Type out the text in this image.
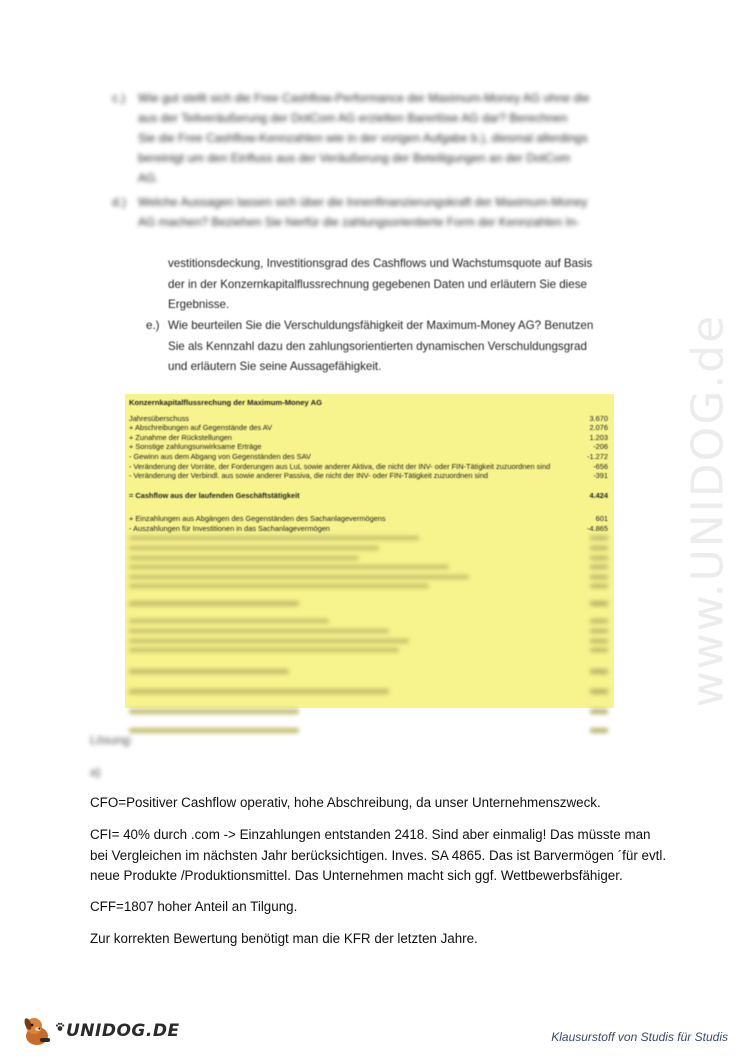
c.) Wie gut stellt sich die Free Cashflow-Performance der Maximum-Money AG ohne die
aus der Teilveräußerung der DotCom AG erzielten Barerlöse AG dar? Berechnen
Sie die Free Cashflow-Kennzahlen wie in der vorigen Aufgabe b.), diesmal allerdings
bereinigt um den Einfluss aus der Veräußerung der Beteiligungen an der DotCom
AG.
d.) Welche Aussagen lassen sich über die Innenfinanzierungskraft der Maximum-Money
AG machen? Beziehen Sie hierfür die zahlungsorientierte Form der Kennzahlen In-
vestitionsdeckung, Investitionsgrad des Cashflows und Wachstumsquote auf Basis
der in der Konzernkapitalflussrechnung gegebenen Daten und erläutern Sie diese
Ergebnisse.
e.) Wie beurteilen Sie die Verschuldungsfähigkeit der Maximum-Money AG? Benutzen
Sie als Kennzahl dazu den zahlungsorientierten dynamischen Verschuldungsgrad
und erläutern Sie seine Aussagefähigkeit.
Konzernkapitalflussrechung der Maximum-Money AG
Jahresüberschuss	3.670
+ Abschreibungen auf Gegenstände des AV	2.076
+ Zunahme der Rückstellungen	1.203
+ Sonstige zahlungsunwirksame Erträge	-206
- Gewinn aus dem Abgang von Gegenständen des SAV	-1.272
- Veränderung der Vorräte, der Forderungen aus LuL sowie anderer Aktiva, die nicht der INV- oder FIN-Tätigkeit zuzuordnen sind	-656
- Veränderung der Verbindl. aus sowie anderer Passiva, die nicht der INV- oder FIN-Tätigkeit zuzuordnen sind	-391
= Cashflow aus der laufenden Geschäftstätigkeit	4.424
+ Einzahlungen aus Abgängen des Gegenständen des Sachanlagevermögens	601
- Auszahlungen für Investitionen in das Sachanlagevermögen	-4.865
Lösung:
a)
CFO=Positiver Cashflow operativ, hohe Abschreibung, da unser Unternehmenszweck.
CFI= 40% durch .com -> Einzahlungen entstanden 2418. Sind aber einmalig! Das müsste man bei Vergleichen im nächsten Jahr berücksichtigen. Inves. SA 4865. Das ist Barvermögen ´für evtl. neue Produkte /Produktionsmittel. Das Unternehmen macht sich ggf. Wettbewerbsfähiger.
CFF=1807 hoher Anteil an Tilgung.
Zur korrekten Bewertung benötigt man die KFR der letzten Jahre.
www.UNIDOG.de
UNIDOG.DE	Klausurstoff von Studis für Studis
